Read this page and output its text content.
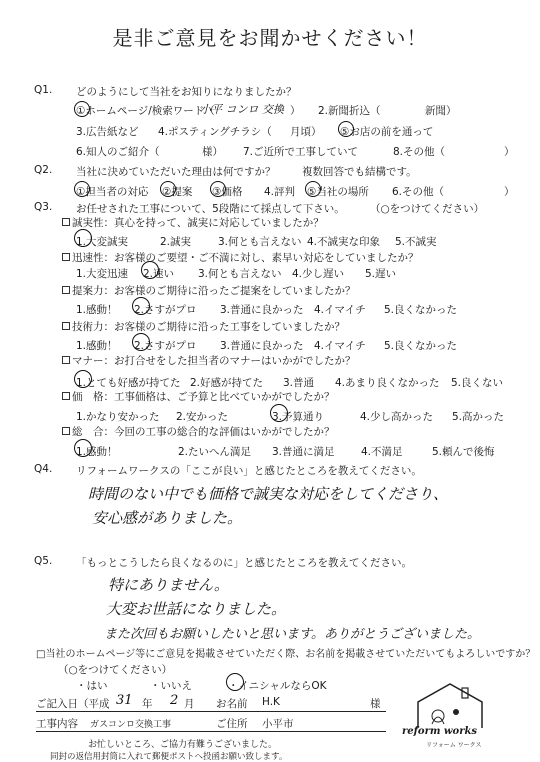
是非ご意見をお聞かせください！
Q1. どのようにして当社をお知りになりましたか？
①ホームページ/検索ワード（
小平 コンロ 交換 ） 2.新聞折込（	新聞）
3.広告紙など 4.ポスティングチラシ（ 月頃） ⑤お店の前を通って
6.知人のご紹介（	様） 7.ご近所で工事していて	8.その他（	）
Q2. 当社に決めていただいた理由は何ですか？	複数回答でも結構です。
①担当者の対応 ②提案 ③価格 4.評判 ⑤当社の場所 6.その他（	）
Q3. お任せされた工事について、5段階にて採点して下さい。 （○をつけてください）
誠実性：真心を持って、誠実に対応していましたか？
1.大変誠実	2.誠実	3.何とも言えない 4.不誠実な印象 5.不誠実
迅速性：お客様のご要望・ご不満に対し、素早い対応をしていましたか？
1.大変迅速 2.速い 3.何とも言えない 4.少し遅い 5.遅い
提案力：お客様のご期待に沿ったご提案をしていましたか？
1.感動！ 2.さすがプロ 3.普通に良かった 4.イマイチ 5.良くなかった
技術力：お客様のご期待に沿った工事をしていましたか？
1.感動！ 2.さすがプロ 3.普通に良かった 4.イマイチ 5.良くなかった
マナー：お打合せをした担当者のマナーはいかがでしたか？
1.とても好感が持てた 2.好感が持てた 3.普通 4.あまり良くなかった 5.良くない
価　格：工事価格は、ご予算と比べていかがでしたか？
1.かなり安かった 2.安かった	3.予算通り	4.少し高かった 5.高かった
総　合：今回の工事の総合的な評価はいかがでしたか？
1.感動！	2.たいへん満足 3.普通に満足	4.不満足	5.頼んで後悔
Q4. リフォームワークスの「ここが良い」と感じたところを教えてください。
時間のない中でも価格で誠実な対応をしてくださり、
安心感がありました。
Q5. 「もっとこうしたら良くなるのに」と感じたところを教えてください。
特にありません。
大変お世話になりました。
また次回もお願いしたいと思います。ありがとうございました。
□当社のホームページ等にご意見を掲載させていただく際、お名前を掲載させていただいてもよろしいですか？
（○をつけてください）
・はい	・いいえ	・イニシャルならOK
ご記入日（平成 31 年 2 月 お名前 H.K	様
工事内容 ガスコンロ交換工事	ご住所 小平市
お忙しいところ、ご協力有難うございました。
同封の返信用封筒に入れて郵便ポストへ投函お願い致します。
reform works
リフォーム ワークス
